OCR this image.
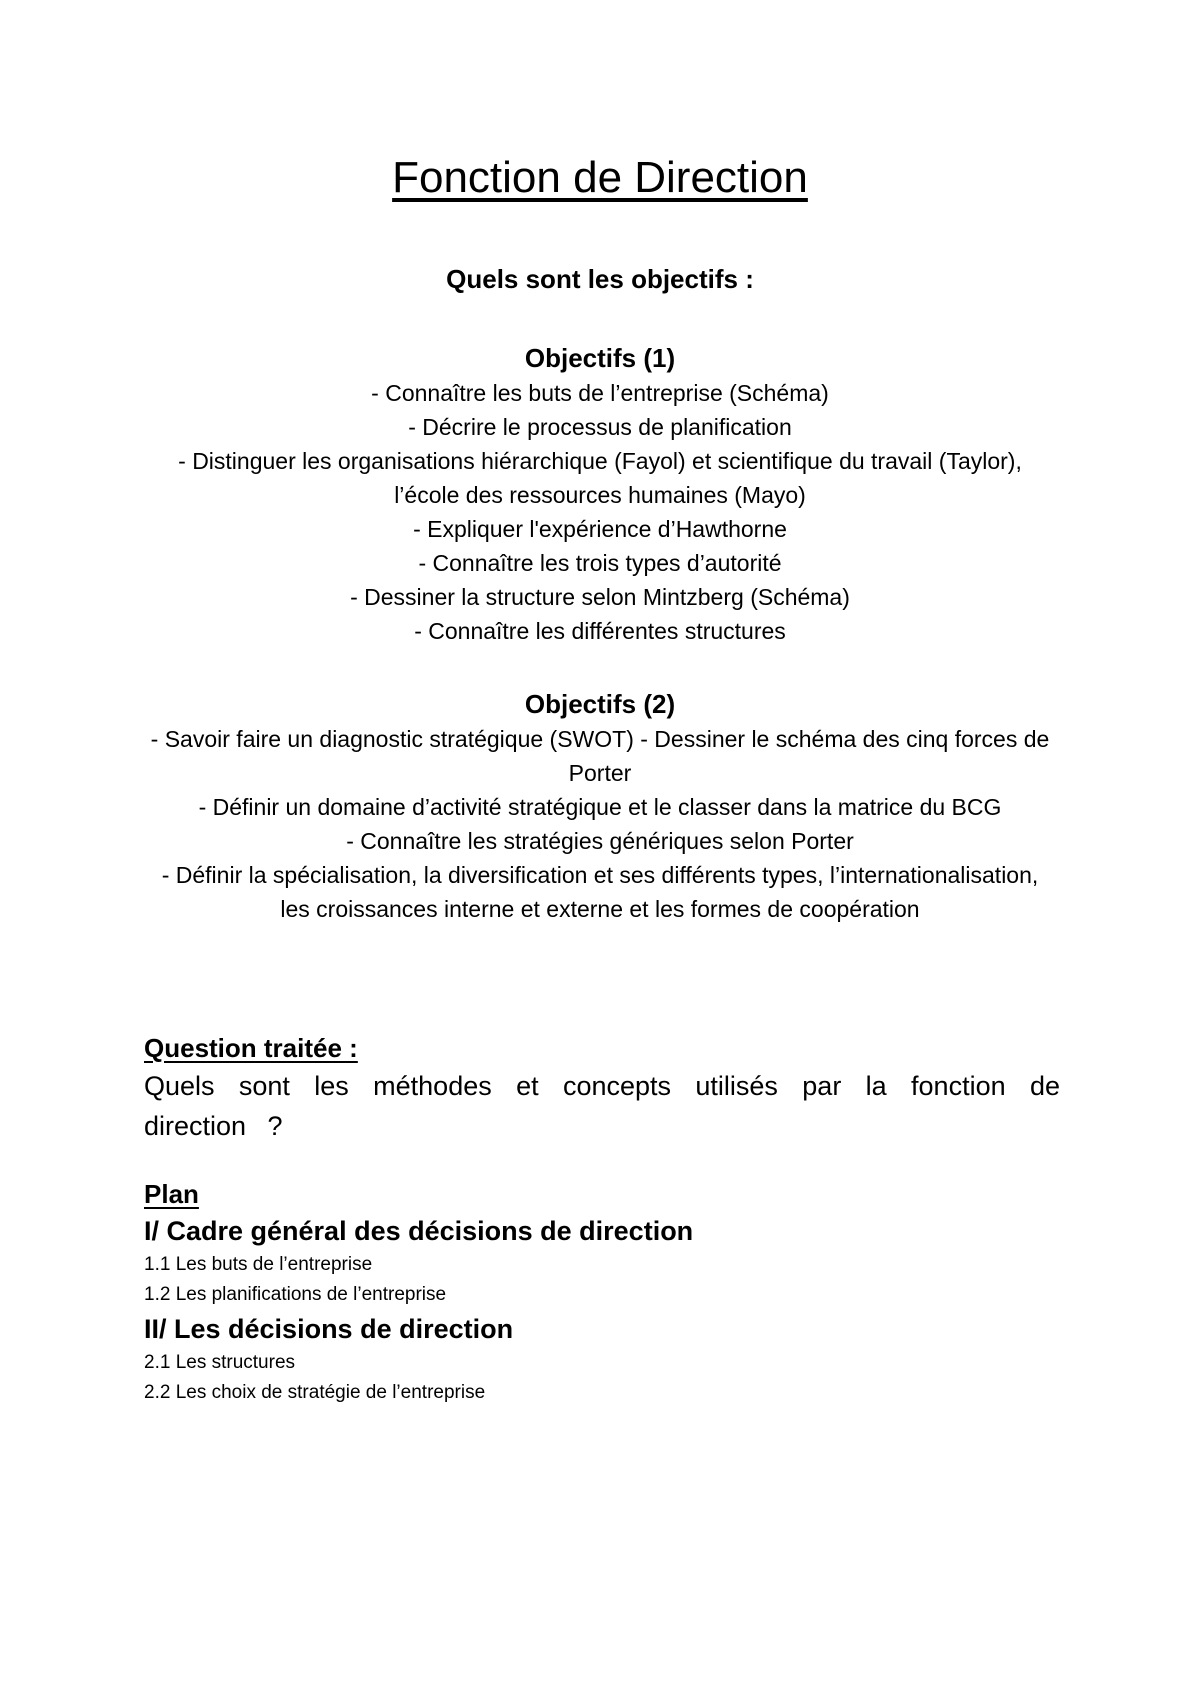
Fonction de Direction
Quels sont les objectifs :
Objectifs (1)
- Connaître les buts de l’entreprise (Schéma)
- Décrire le processus de planification
- Distinguer les organisations hiérarchique (Fayol) et scientifique du travail (Taylor), l’école des ressources humaines (Mayo)
- Expliquer l'expérience d’Hawthorne
- Connaître les trois types d’autorité
- Dessiner la structure selon Mintzberg (Schéma)
- Connaître les différentes structures
Objectifs (2)
- Savoir faire un diagnostic stratégique (SWOT) - Dessiner le schéma des cinq forces de Porter
- Définir un domaine d’activité stratégique et le classer dans la matrice du BCG
- Connaître les stratégies génériques selon Porter
- Définir la spécialisation, la diversification et ses différents types, l’internationalisation, les croissances interne et externe et les formes de coopération
Question traitée :
Quels sont les méthodes et concepts utilisés par la fonction de direction ?
Plan
I/ Cadre général des décisions de direction
1.1 Les buts de l’entreprise
1.2 Les planifications de l’entreprise
II/ Les décisions de direction
2.1 Les structures
2.2 Les choix de stratégie de l’entreprise
